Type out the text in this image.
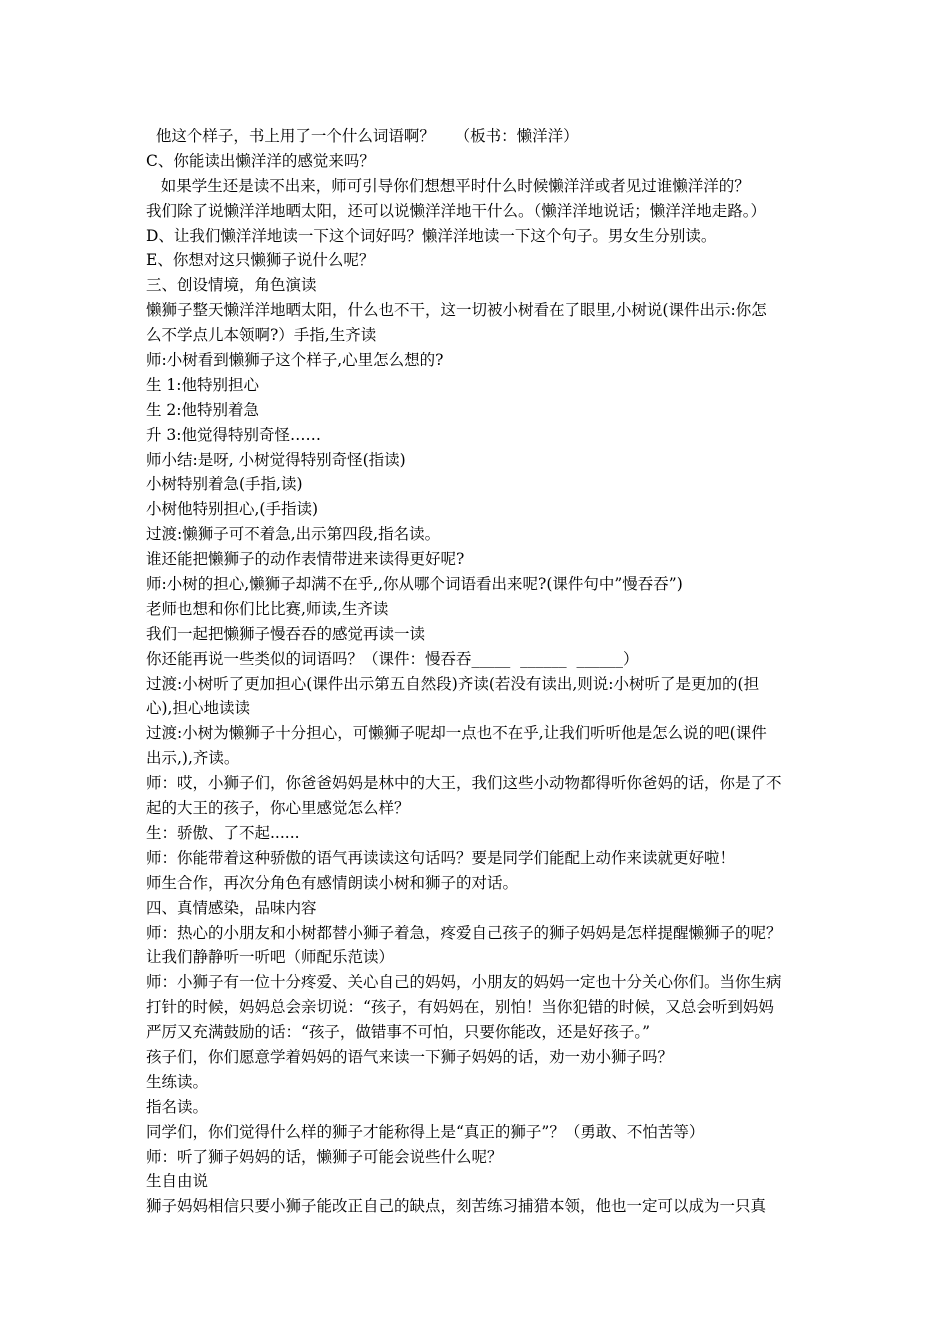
他这个样子，书上用了一个什么词语啊？    （板书：懒洋洋）
C、你能读出懒洋洋的感觉来吗？
如果学生还是读不出来，师可引导你们想想平时什么时候懒洋洋或者见过谁懒洋洋的？
我们除了说懒洋洋地晒太阳，还可以说懒洋洋地干什么。（懒洋洋地说话；懒洋洋地走路。）
D、让我们懒洋洋地读一下这个词好吗？懒洋洋地读一下这个句子。男女生分别读。
E、你想对这只懒狮子说什么呢？
三、创设情境，角色演读
懒狮子整天懒洋洋地晒太阳，什么也不干，这一切被小树看在了眼里,小树说(课件出示:你怎
么不学点儿本领啊?）手指,生齐读
师:小树看到懒狮子这个样子,心里怎么想的?
生 1:他特别担心
生 2:他特别着急
升 3:他觉得特别奇怪……
师小结:是呀, 小树觉得特别奇怪(指读)
小树特别着急(手指,读)
小树他特别担心,(手指读)
过渡:懒狮子可不着急,出示第四段,指名读。
谁还能把懒狮子的动作表情带进来读得更好呢?
师:小树的担心,懒狮子却满不在乎,,你从哪个词语看出来呢?(课件句中”慢吞吞”)
老师也想和你们比比赛,师读,生齐读
我们一起把懒狮子慢吞吞的感觉再读一读
你还能再说一些类似的词语吗？（课件：慢吞吞_____  ______  ______）
过渡:小树听了更加担心(课件出示第五自然段)齐读(若没有读出,则说:小树听了是更加的(担
心),担心地读读
过渡:小树为懒狮子十分担心，可懒狮子呢却一点也不在乎,让我们听听他是怎么说的吧(课件
出示,),齐读。
师：哎，小狮子们，你爸爸妈妈是林中的大王，我们这些小动物都得听你爸妈的话，你是了不
起的大王的孩子，你心里感觉怎么样？
生：骄傲、了不起......
师：你能带着这种骄傲的语气再读读这句话吗？要是同学们能配上动作来读就更好啦！
师生合作，再次分角色有感情朗读小树和狮子的对话。
四、真情感染，品味内容
师：热心的小朋友和小树都替小狮子着急，疼爱自己孩子的狮子妈妈是怎样提醒懒狮子的呢？
让我们静静听一听吧（师配乐范读）
师：小狮子有一位十分疼爱、关心自己的妈妈，小朋友的妈妈一定也十分关心你们。当你生病
打针的时候，妈妈总会亲切说：“孩子，有妈妈在，别怕！当你犯错的时候，又总会听到妈妈
严厉又充满鼓励的话：“孩子，做错事不可怕，只要你能改，还是好孩子。”
孩子们，你们愿意学着妈妈的语气来读一下狮子妈妈的话，劝一劝小狮子吗？
生练读。
指名读。
同学们，你们觉得什么样的狮子才能称得上是“真正的狮子”？（勇敢、不怕苦等）
师：听了狮子妈妈的话，懒狮子可能会说些什么呢？
生自由说
狮子妈妈相信只要小狮子能改正自己的缺点，刻苦练习捕猎本领，他也一定可以成为一只真
